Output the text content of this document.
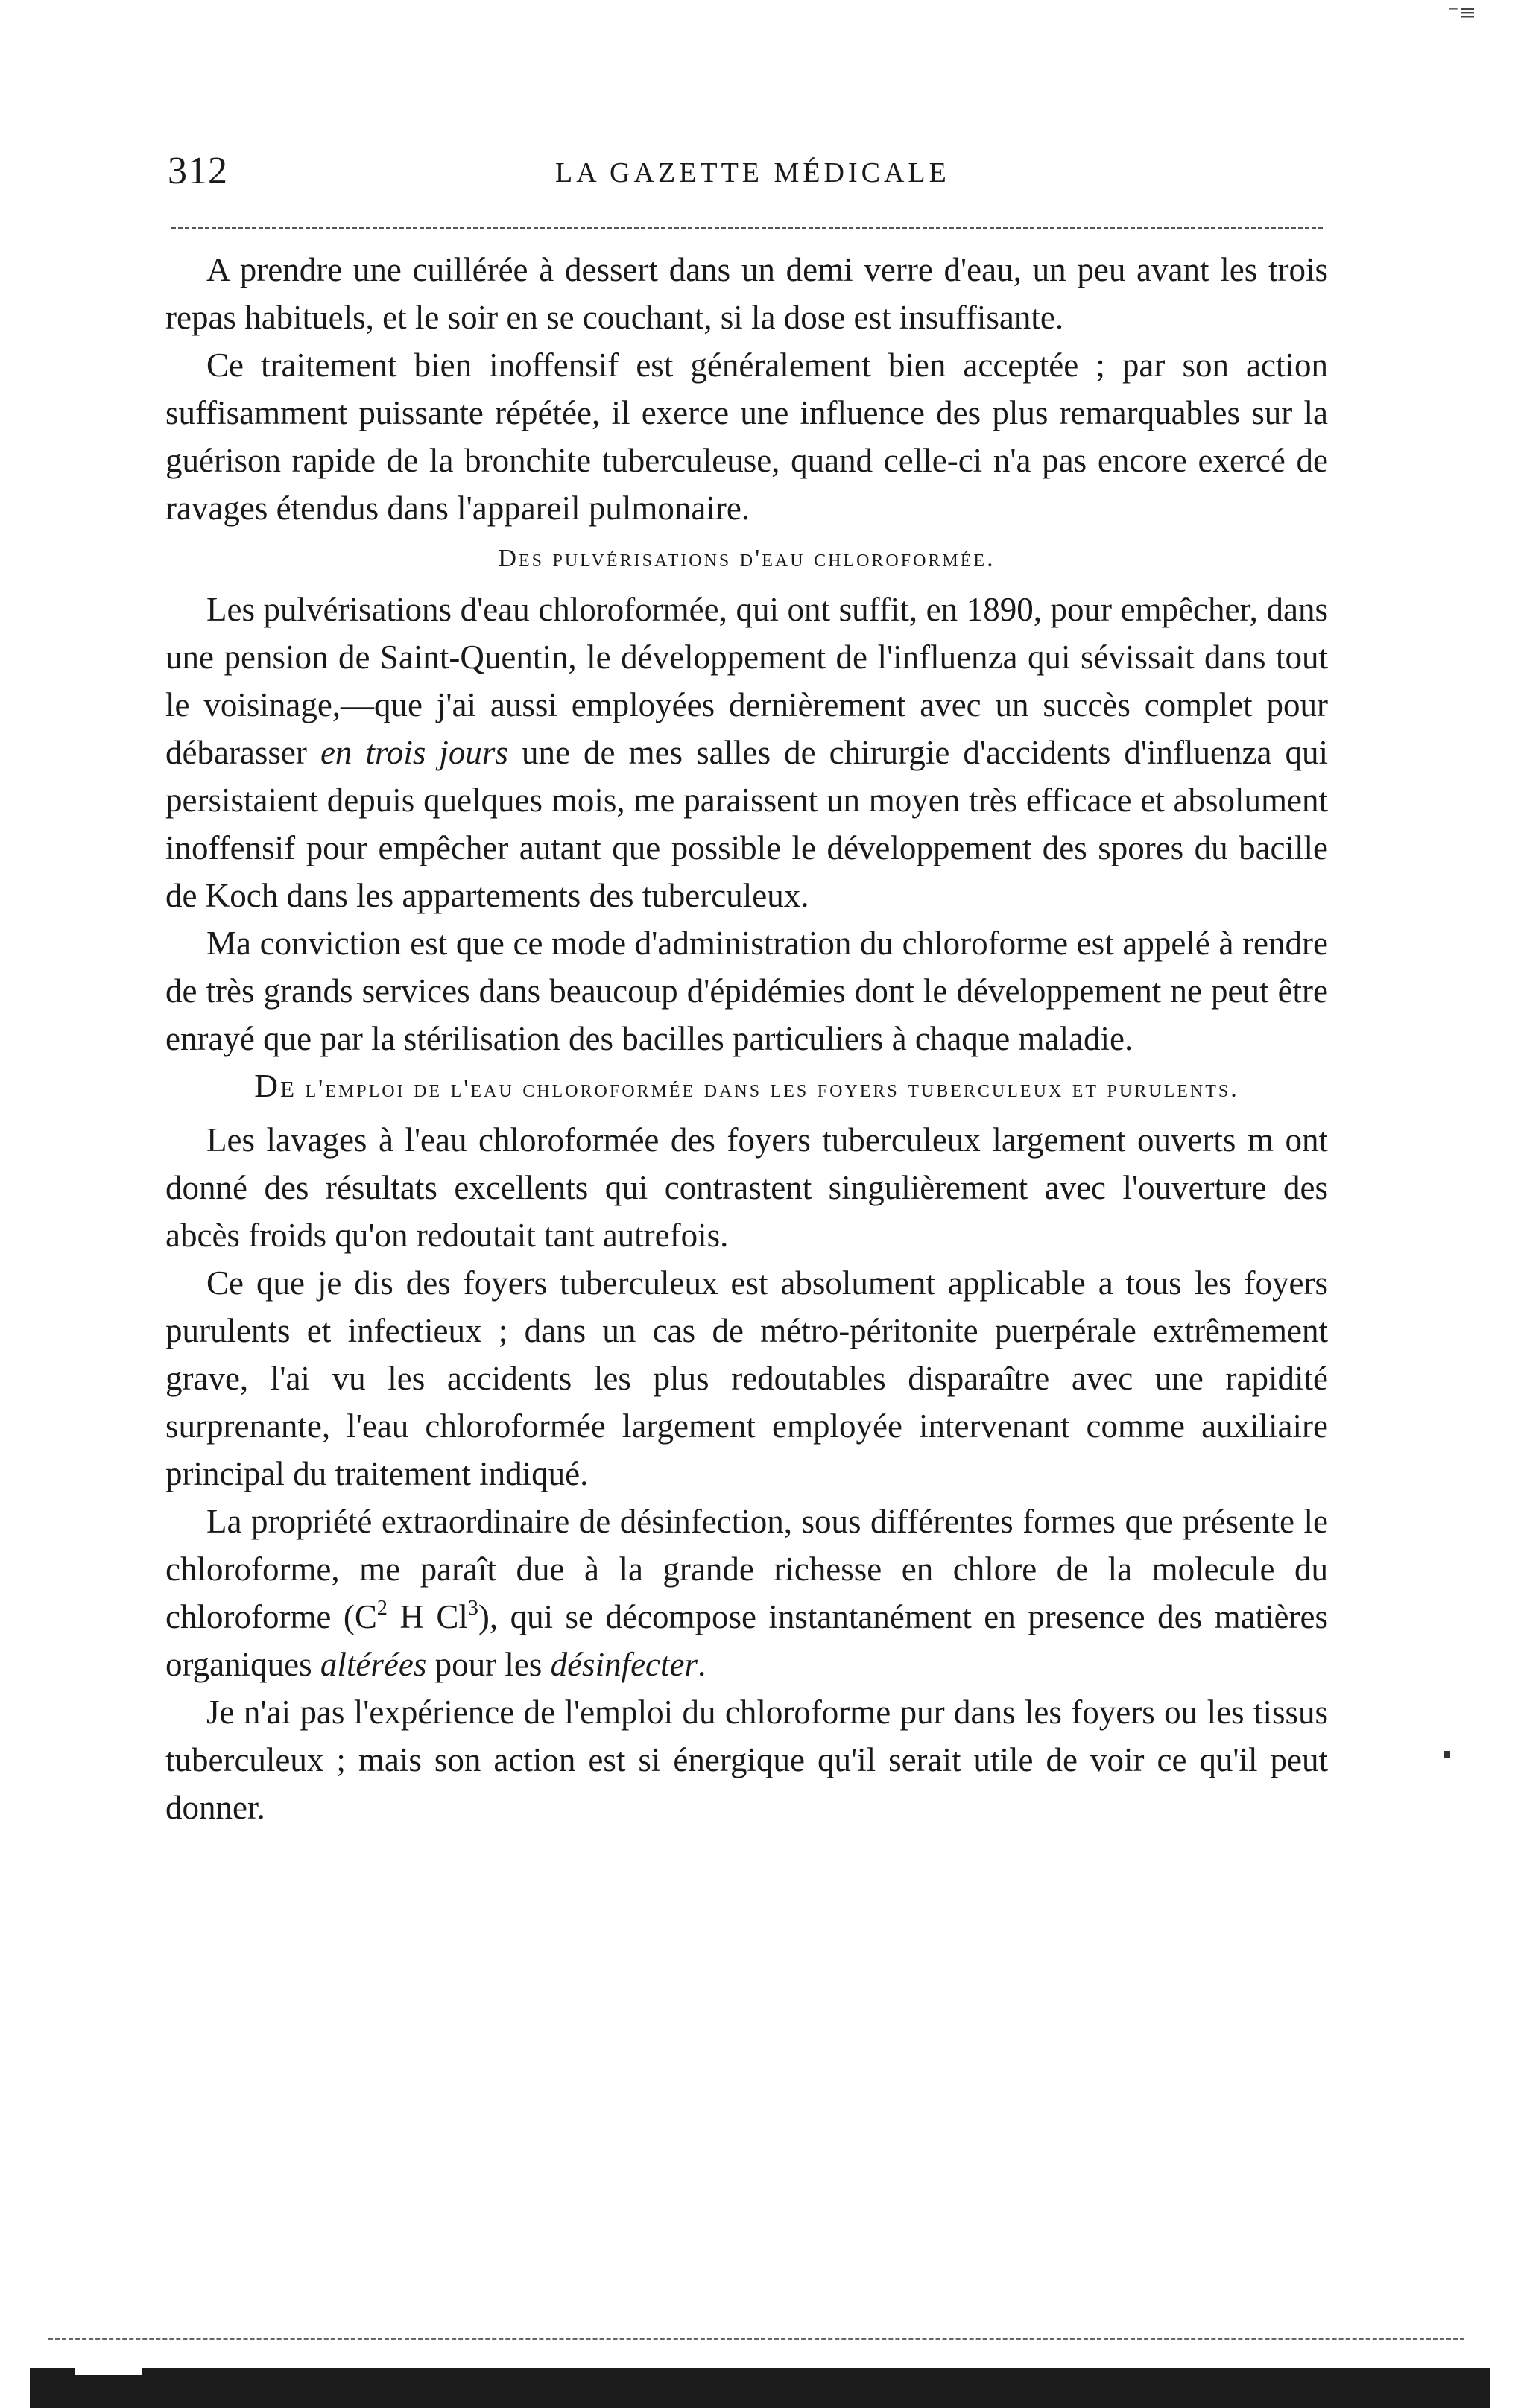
⁻≡
312	LA GAZETTE MÉDICALE

A prendre une cuillérée à dessert dans un demi verre d'eau, un peu avant les trois repas habituels, et le soir en se couchant, si la dose est insuffisante.

Ce traitement bien inoffensif est généralement bien acceptée ; par son action suffisamment puissante répétée, il exerce une influence des plus remarquables sur la guérison rapide de la bronchite tuberculeuse, quand celle-ci n'a pas encore exercé de ravages étendus dans l'appareil pulmonaire.

Des pulvérisations d'eau chloroformée.

Les pulvérisations d'eau chloroformée, qui ont suffit, en 1890, pour empêcher, dans une pension de Saint-Quentin, le développement de l'influenza qui sévissait dans tout le voisinage,—que j'ai aussi employées dernièrement avec un succès complet pour débarasser en trois jours une de mes salles de chirurgie d'accidents d'influenza qui persistaient depuis quelques mois, me paraissent un moyen très efficace et absolument inoffensif pour empêcher autant que possible le développement des spores du bacille de Koch dans les appartements des tuberculeux.

Ma conviction est que ce mode d'administration du chloroforme est appelé à rendre de très grands services dans beaucoup d'épidémies dont le développement ne peut être enrayé que par la stérilisation des bacilles particuliers à chaque maladie.

De l'emploi de l'eau chloroformée dans les foyers tuberculeux et purulents.

Les lavages à l'eau chloroformée des foyers tuberculeux largement ouverts m ont donné des résultats excellents qui contrastent singulièrement avec l'ouverture des abcès froids qu'on redoutait tant autrefois.

Ce que je dis des foyers tuberculeux est absolument applicable a tous les foyers purulents et infectieux ; dans un cas de métro-péritonite puerpérale extrêmement grave, l'ai vu les accidents les plus redoutables disparaître avec une rapidité surprenante, l'eau chloroformée largement employée intervenant comme auxiliaire principal du traitement indiqué.

La propriété extraordinaire de désinfection, sous différentes formes que présente le chloroforme, me paraît due à la grande richesse en chlore de la molecule du chloroforme ($C^2$ H Cl$^3$), qui se décompose instantanément en presence des matières organiques altérées pour les désinfecter.

Je n'ai pas l'expérience de l'emploi du chloroforme pur dans les foyers ou les tissus tuberculeux ; mais son action est si énergique qu'il serait utile de voir ce qu'il peut donner.
